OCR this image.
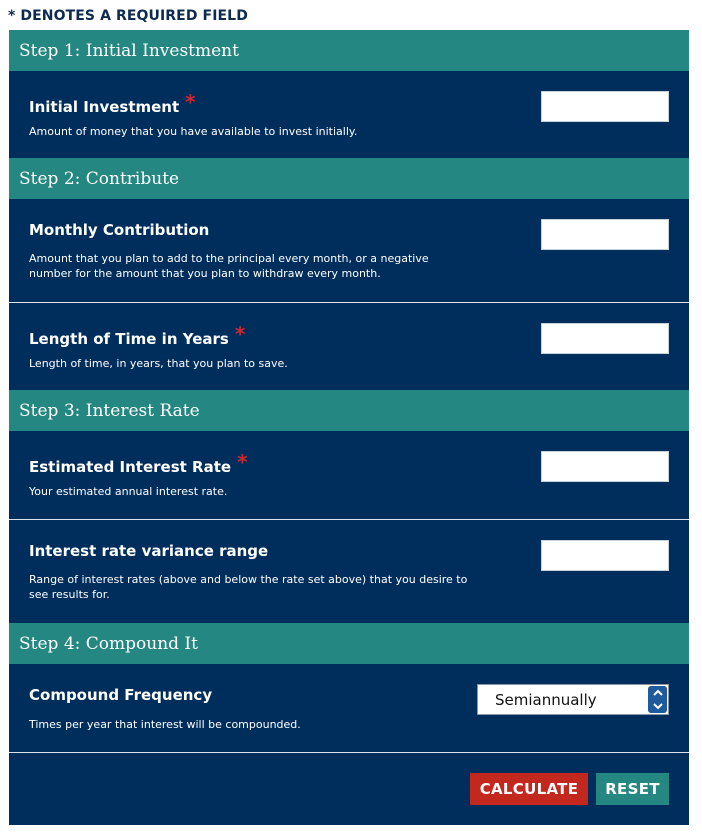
* DENOTES A REQUIRED FIELD
Step 1: Initial Investment
Initial Investment *
Amount of money that you have available to invest initially.
Step 2: Contribute
Monthly Contribution
Amount that you plan to add to the principal every month, or a negative number for the amount that you plan to withdraw every month.
Length of Time in Years *
Length of time, in years, that you plan to save.
Step 3: Interest Rate
Estimated Interest Rate *
Your estimated annual interest rate.
Interest rate variance range
Range of interest rates (above and below the rate set above) that you desire to see results for.
Step 4: Compound It
Compound Frequency
Times per year that interest will be compounded.
Semiannually
CALCULATE	RESET
